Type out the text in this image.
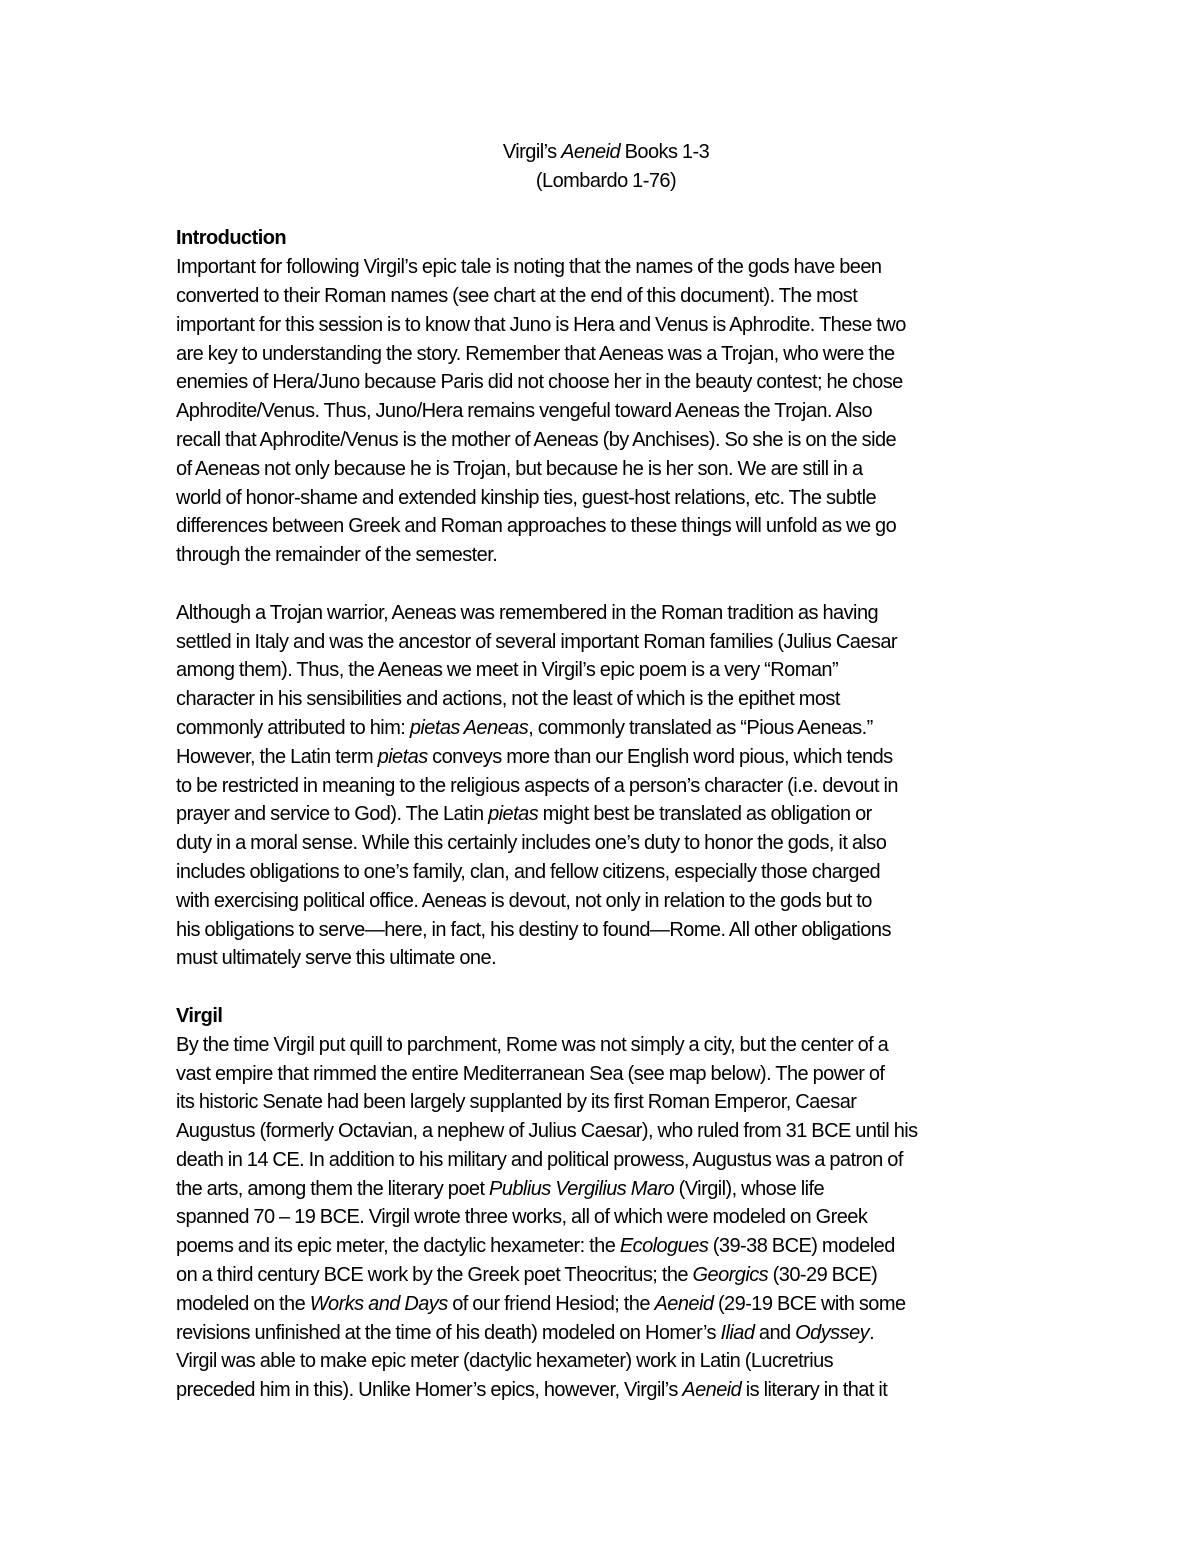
Virgil’s Aeneid Books 1-3
(Lombardo 1-76)
Introduction
Important for following Virgil’s epic tale is noting that the names of the gods have been
converted to their Roman names (see chart at the end of this document). The most
important for this session is to know that Juno is Hera and Venus is Aphrodite. These two
are key to understanding the story. Remember that Aeneas was a Trojan, who were the
enemies of Hera/Juno because Paris did not choose her in the beauty contest; he chose
Aphrodite/Venus. Thus, Juno/Hera remains vengeful toward Aeneas the Trojan. Also
recall that Aphrodite/Venus is the mother of Aeneas (by Anchises). So she is on the side
of Aeneas not only because he is Trojan, but because he is her son. We are still in a
world of honor-shame and extended kinship ties, guest-host relations, etc. The subtle
differences between Greek and Roman approaches to these things will unfold as we go
through the remainder of the semester.
Although a Trojan warrior, Aeneas was remembered in the Roman tradition as having
settled in Italy and was the ancestor of several important Roman families (Julius Caesar
among them). Thus, the Aeneas we meet in Virgil’s epic poem is a very “Roman”
character in his sensibilities and actions, not the least of which is the epithet most
commonly attributed to him: pietas Aeneas, commonly translated as “Pious Aeneas.”
However, the Latin term pietas conveys more than our English word pious, which tends
to be restricted in meaning to the religious aspects of a person’s character (i.e. devout in
prayer and service to God). The Latin pietas might best be translated as obligation or
duty in a moral sense. While this certainly includes one’s duty to honor the gods, it also
includes obligations to one’s family, clan, and fellow citizens, especially those charged
with exercising political office. Aeneas is devout, not only in relation to the gods but to
his obligations to serve—here, in fact, his destiny to found—Rome. All other obligations
must ultimately serve this ultimate one.
Virgil
By the time Virgil put quill to parchment, Rome was not simply a city, but the center of a
vast empire that rimmed the entire Mediterranean Sea (see map below). The power of
its historic Senate had been largely supplanted by its first Roman Emperor, Caesar
Augustus (formerly Octavian, a nephew of Julius Caesar), who ruled from 31 BCE until his
death in 14 CE. In addition to his military and political prowess, Augustus was a patron of
the arts, among them the literary poet Publius Vergilius Maro (Virgil), whose life
spanned 70 – 19 BCE. Virgil wrote three works, all of which were modeled on Greek
poems and its epic meter, the dactylic hexameter: the Ecologues (39-38 BCE) modeled
on a third century BCE work by the Greek poet Theocritus; the Georgics (30-29 BCE)
modeled on the Works and Days of our friend Hesiod; the Aeneid (29-19 BCE with some
revisions unfinished at the time of his death) modeled on Homer’s Iliad and Odyssey.
Virgil was able to make epic meter (dactylic hexameter) work in Latin (Lucretrius
preceded him in this). Unlike Homer’s epics, however, Virgil’s Aeneid is literary in that it
